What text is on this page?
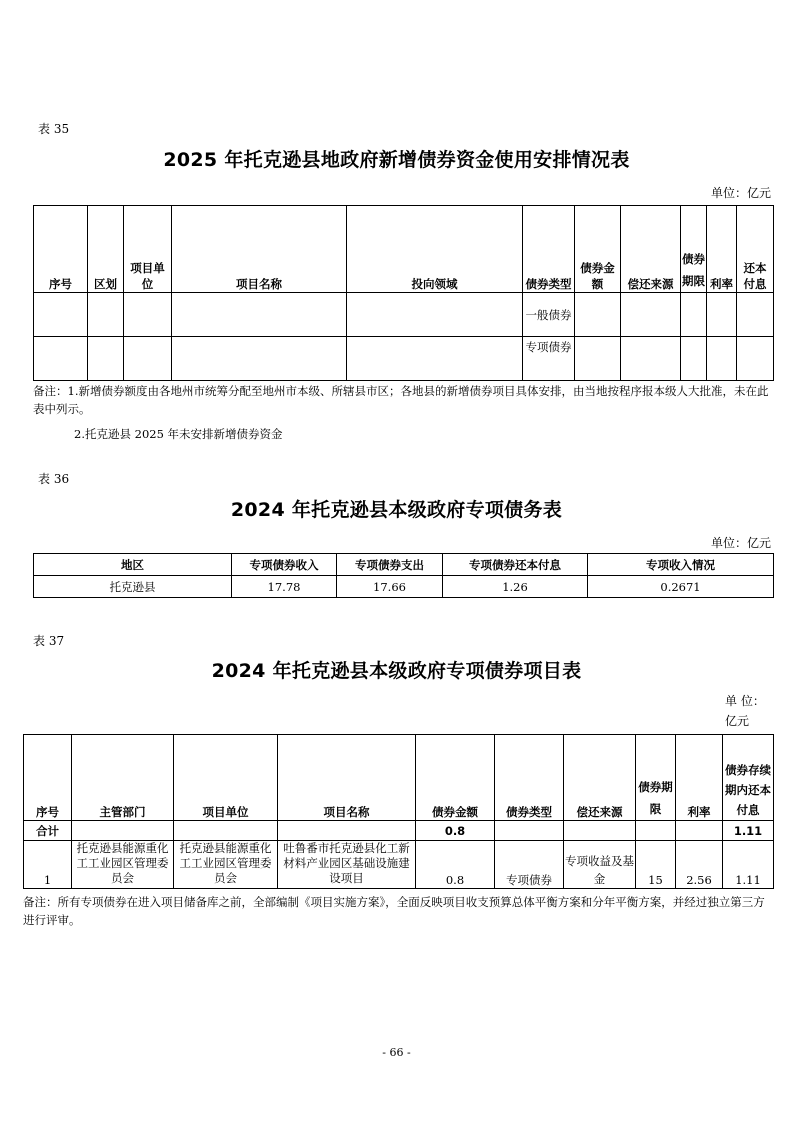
表 35
2025 年托克逊县地政府新增债券资金使用安排情况表
单位：亿元
序号	区划	项目单位	项目名称	投向领域	债券类型	债券金额	偿还来源	债券期限	利率	还本付息
					一般债券					
					专项债券					
备注：1.新增债券额度由各地州市统筹分配至地州市本级、所辖县市区；各地县的新增债券项目具体安排，由当地按程序报本级人大批准，未在此表中列示。
2.托克逊县 2025 年未安排新增债券资金
表 36
2024 年托克逊县本级政府专项债务表
单位：亿元
地区	专项债券收入	专项债券支出	专项债券还本付息	专项收入情况
托克逊县	17.78	17.66	1.26	0.2671
表 37
2024 年托克逊县本级政府专项债券项目表
单 位：
亿元
序号	主管部门	项目单位	项目名称	债券金额	债券类型	偿还来源	债券期限	利率	债券存续期内还本付息
合计				0.8					1.11
1	托克逊县能源重化工工业园区管理委员会	托克逊县能源重化工工业园区管理委员会	吐鲁番市托克逊县化工新材料产业园区基础设施建设项目	0.8	专项债券	专项收益及基金	15	2.56	1.11
备注：所有专项债券在进入项目储备库之前，全部编制《项目实施方案》，全面反映项目收支预算总体平衡方案和分年平衡方案，并经过独立第三方进行评审。
- 66 -
